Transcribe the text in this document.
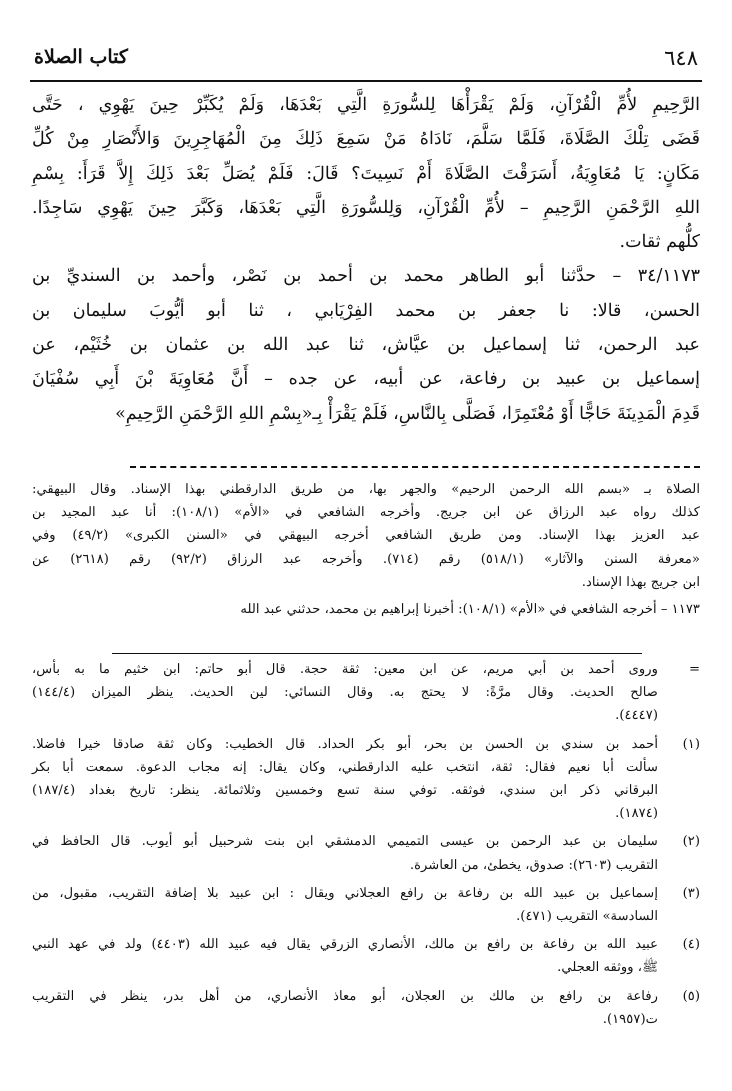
٦٤٨
كتاب الصلاة

الرَّحِيمِ لأُمِّ الْقُرْآنِ، وَلَمْ يَقْرَأْهَا لِلسُّورَةِ الَّتِي بَعْدَهَا، وَلَمْ يُكَبِّرْ حِينَ يَهْوِي ، حَتَّى

قَضَى تِلْكَ الصَّلَاةَ، فَلَمَّا سَلَّمَ، نَادَاهُ مَنْ سَمِعَ ذَلِكَ مِنَ الْمُهَاجِرِينَ وَالأَنْصَارِ مِنْ كُلِّ

مَكَانٍ: يَا مُعَاوِيَةُ، أَسَرَقْتَ الصَّلَاةَ أَمْ نَسِيتَ؟ قَالَ: فَلَمْ يُصَلِّ بَعْدَ ذَلِكَ إِلاَّ قَرَأَ: بِسْمِ

اللهِ الرَّحْمَنِ الرَّحِيمِ – لأُمِّ الْقُرْآنِ، وَلِلسُّورَةِ الَّتِي بَعْدَهَا، وَكَبَّرَ حِينَ يَهْوِي سَاجِدًا.

كلُّهم ثقات.

٣٤/١١٧٣ – حدَّثنا أبو الطاهر محمد بن أحمد بن نَصْر، وأحمد بن السنديِّ بن

الحسن، قالا: نا جعفر بن محمد الفِرْيَابي ، ثنا أبو أيُّوبَ سليمان بن

عبد الرحمن، ثنا إسماعيل بن عيَّاش، ثنا عبد الله بن عثمان بن خُثَيْم، عن

إسماعيل بن عبيد بن رفاعة، عن أبيه، عن جده – أَنَّ مُعَاوِيَةَ بْنَ أَبِي سُفْيَانَ

قَدِمَ الْمَدِينَةَ حَاجًّا أَوْ مُعْتَمِرًا، فَصَلَّى بِالنَّاسِ، فَلَمْ يَقْرَأْ بِـ«بِسْمِ اللهِ الرَّحْمَنِ الرَّحِيمِ»

الصلاة بـ «بسم الله الرحمن الرحيم» والجهر بها، من طريق الدارقطني بهذا الإسناد. وقال البيهقي:

كذلك رواه عبد الرزاق عن ابن جريج. وأخرجه الشافعي في «الأم» (١٠٨/١): أنا عبد المجيد بن

عبد العزيز بهذا الإسناد. ومن طريق الشافعي أخرجه البيهقي في «السنن الكبرى» (٤٩/٢) وفي

«معرفة السنن والآثار» (٥١٨/١) رقم (٧١٤). وأخرجه عبد الرزاق (٩٢/٢) رقم (٢٦١٨) عن

ابن جريج بهذا الإسناد.

١١٧٣ – أخرجه الشافعي في «الأم» (١٠٨/١): أخبرنا إبراهيم بن محمد، حدثني عبد الله

=
وروى أحمد بن أبي مريم، عن ابن معين: ثقة حجة. قال أبو حاتم: ابن خثيم ما به بأس،
صالح الحديث. وقال مرَّةً: لا يحتج به. وقال النسائي: لين الحديث. ينظر الميزان (١٤٤/٤)
(٤٤٤٧).
(١)
أحمد بن سندي بن الحسن بن بحر، أبو بكر الحداد. قال الخطيب: وكان ثقة صادقا خيرا فاضلا.
سألت أبا نعيم فقال: ثقة، انتخب عليه الدارقطني، وكان يقال: إنه مجاب الدعوة. سمعت أبا بكر
البرقاني ذكر ابن سندي، فوثقه. توفي سنة تسع وخمسين وثلاثمائة. ينظر: تاريخ بغداد (١٨٧/٤)
(١٨٧٤).
(٢)
سليمان بن عبد الرحمن بن عيسى التميمي الدمشقي ابن بنت شرحبيل أبو أيوب. قال الحافظ في
التقريب (٢٦٠٣): صدوق، يخطئ، من العاشرة.
(٣)
إسماعيل بن عبيد الله بن رفاعة بن رافع العجلاني ويقال : ابن عبيد بلا إضافة التقريب، مقبول، من
السادسة» التقريب (٤٧١).
(٤)
عبيد الله بن رفاعة بن رافع بن مالك، الأنصاري الزرقي يقال فيه عبيد الله (٤٤٠٣) ولد في عهد النبي
ﷺ، ووثقه العجلي.
(٥)
رفاعة بن رافع بن مالك بن العجلان، أبو معاذ الأنصاري، من أهل بدر، ينظر في التقريب
ت(١٩٥٧).
